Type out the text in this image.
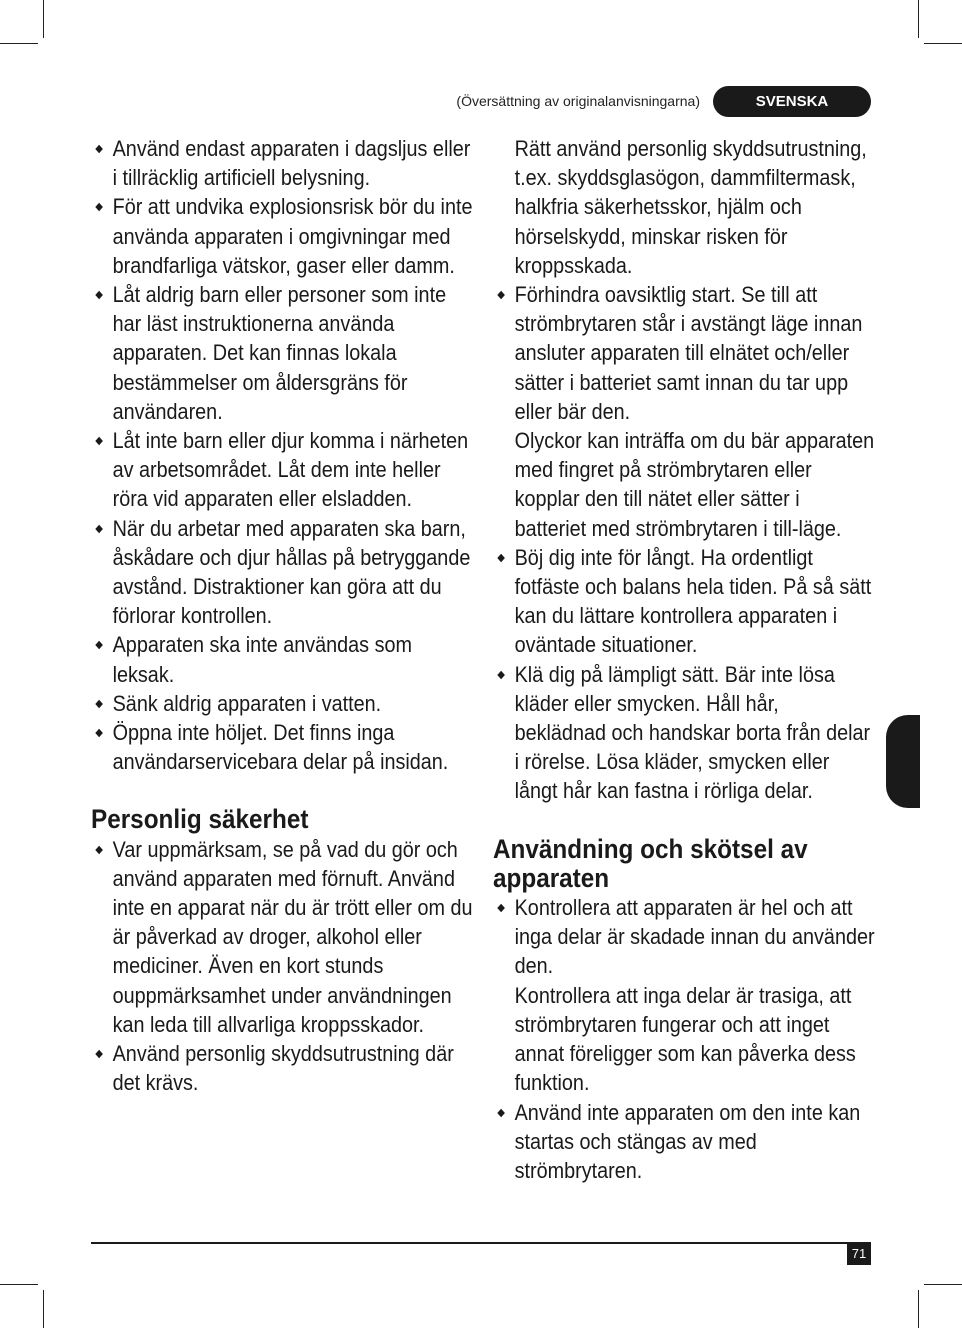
(Översättning av originalanvisningarna)	SVENSKA
Använd endast apparaten i dagsljus eller i tillräcklig artificiell belysning.
För att undvika explosionsrisk bör du inte använda apparaten i omgivningar med brandfarliga vätskor, gaser eller damm.
Låt aldrig barn eller personer som inte har läst instruktionerna använda apparaten. Det kan finnas lokala bestämmelser om åldersgräns för användaren.
Låt inte barn eller djur komma i närheten av arbetsområdet. Låt dem inte heller röra vid apparaten eller elsladden.
När du arbetar med apparaten ska barn, åskådare och djur hållas på betryggande avstånd. Distraktioner kan göra att du förlorar kontrollen.
Apparaten ska inte användas som leksak.
Sänk aldrig apparaten i vatten.
Öppna inte höljet. Det finns inga användarservicebara delar på insidan.
Personlig säkerhet
Var uppmärksam, se på vad du gör och använd apparaten med förnuft. Använd inte en apparat när du är trött eller om du är påverkad av droger, alkohol eller mediciner. Även en kort stunds ouppmärksamhet under användningen kan leda till allvarliga kroppsskador.
Använd personlig skyddsutrustning där det krävs.
Rätt använd personlig skyddsutrustning, t.ex. skyddsglasögon, dammfiltermask, halkfria säkerhetsskor, hjälm och hörselskydd, minskar risken för kroppsskada.
Förhindra oavsiktlig start. Se till att strömbrytaren står i avstängt läge innan ansluter apparaten till elnätet och/eller sätter i batteriet samt innan du tar upp eller bär den.
Olyckor kan inträffa om du bär apparaten med fingret på strömbrytaren eller kopplar den till nätet eller sätter i batteriet med strömbrytaren i till-läge.
Böj dig inte för långt. Ha ordentligt fotfäste och balans hela tiden. På så sätt kan du lättare kontrollera apparaten i oväntade situationer.
Klä dig på lämpligt sätt. Bär inte lösa kläder eller smycken. Håll hår, beklädnad och handskar borta från delar i rörelse. Lösa kläder, smycken eller långt hår kan fastna i rörliga delar.
Användning och skötsel av apparaten
Kontrollera att apparaten är hel och att inga delar är skadade innan du använder den.
Kontrollera att inga delar är trasiga, att strömbrytaren fungerar och att inget annat föreligger som kan påverka dess funktion.
Använd inte apparaten om den inte kan startas och stängas av med strömbrytaren.
71
